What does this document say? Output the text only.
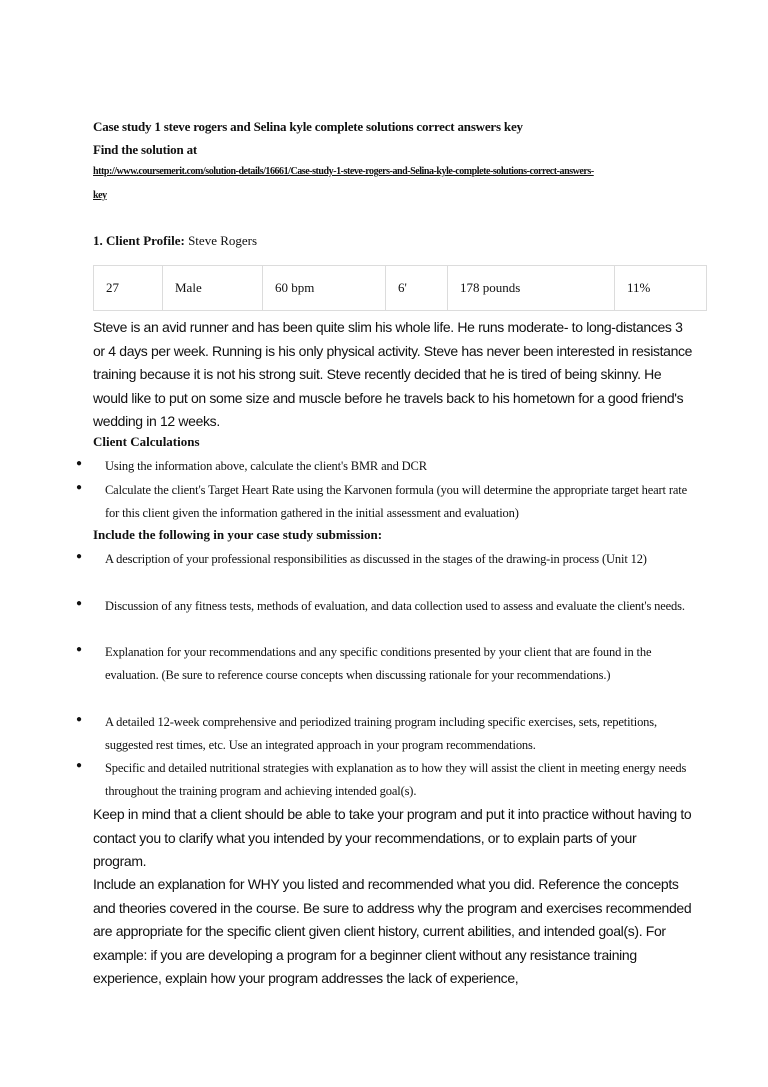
Case study 1 steve rogers and Selina kyle complete solutions correct answers key
Find the solution at
http://www.coursemerit.com/solution-details/16661/Case-study-1-steve-rogers-and-Selina-kyle-complete-solutions-correct-answers-
key
1. Client Profile: Steve Rogers
27	Male	60 bpm	6'	178 pounds	11%
Steve is an avid runner and has been quite slim his whole life. He runs moderate- to long-distances 3 or 4 days per week. Running is his only physical activity. Steve has never been interested in resistance training because it is not his strong suit. Steve recently decided that he is tired of being skinny. He would like to put on some size and muscle before he travels back to his hometown for a good friend's wedding in 12 weeks.
Client Calculations
● Using the information above, calculate the client's BMR and DCR
● Calculate the client's Target Heart Rate using the Karvonen formula (you will determine the appropriate target heart rate for this client given the information gathered in the initial assessment and evaluation)
Include the following in your case study submission:
● A description of your professional responsibilities as discussed in the stages of the drawing-in process (Unit 12)
● Discussion of any fitness tests, methods of evaluation, and data collection used to assess and evaluate the client's needs.
● Explanation for your recommendations and any specific conditions presented by your client that are found in the evaluation. (Be sure to reference course concepts when discussing rationale for your recommendations.)
● A detailed 12-week comprehensive and periodized training program including specific exercises, sets, repetitions, suggested rest times, etc. Use an integrated approach in your program recommendations.
● Specific and detailed nutritional strategies with explanation as to how they will assist the client in meeting energy needs throughout the training program and achieving intended goal(s).
Keep in mind that a client should be able to take your program and put it into practice without having to contact you to clarify what you intended by your recommendations, or to explain parts of your program.
Include an explanation for WHY you listed and recommended what you did. Reference the concepts and theories covered in the course. Be sure to address why the program and exercises recommended are appropriate for the specific client given client history, current abilities, and intended goal(s). For example: if you are developing a program for a beginner client without any resistance training experience, explain how your program addresses the lack of experience,
